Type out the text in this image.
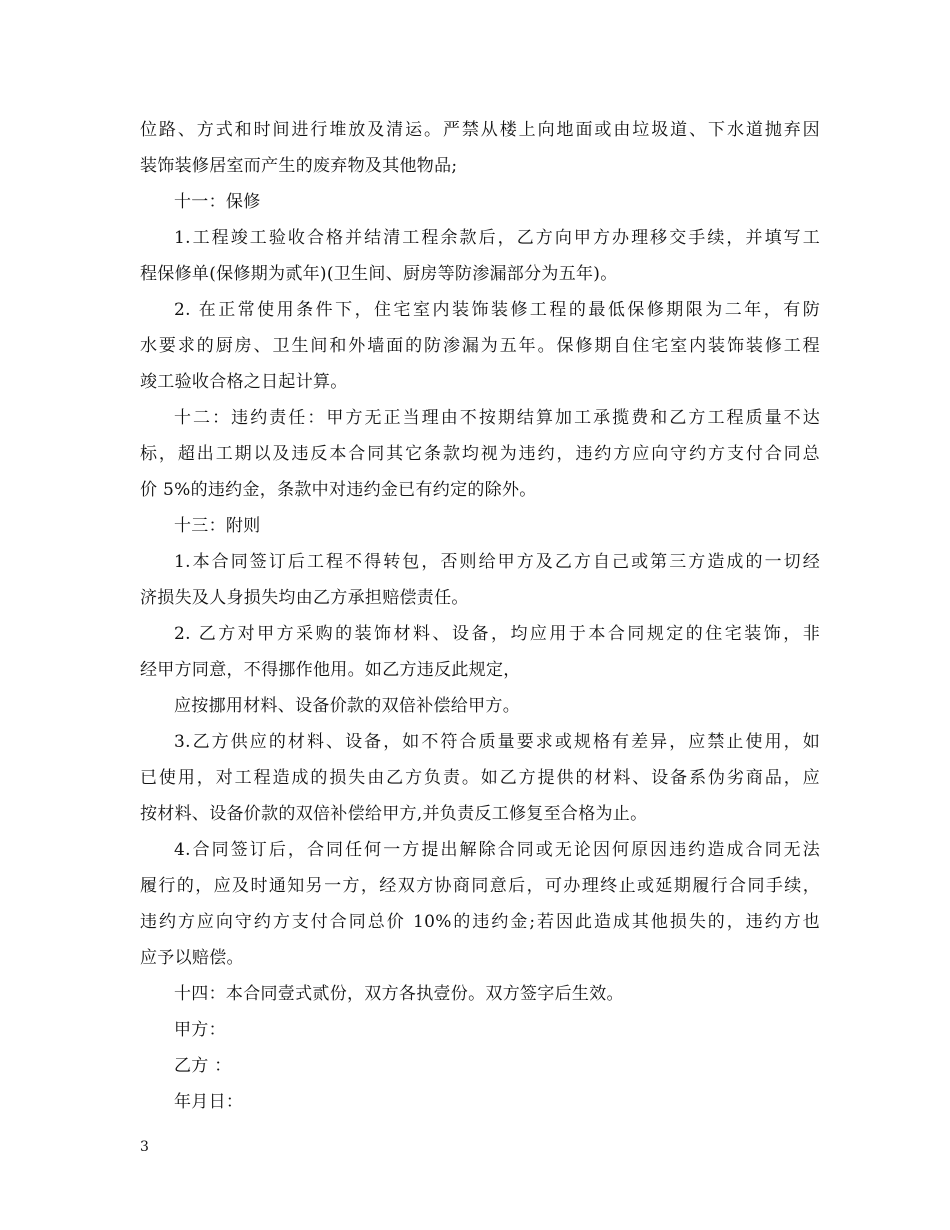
位路、方式和时间进行堆放及清运。严禁从楼上向地面或由垃圾道、下水道抛弃因
装饰装修居室而产生的废弃物及其他物品;
十一：保修
1.工程竣工验收合格并结清工程余款后，乙方向甲方办理移交手续，并填写工
程保修单(保修期为贰年)(卫生间、厨房等防渗漏部分为五年)。
2. 在正常使用条件下，住宅室内装饰装修工程的最低保修期限为二年，有防
水要求的厨房、卫生间和外墙面的防渗漏为五年。保修期自住宅室内装饰装修工程
竣工验收合格之日起计算。
十二：违约责任：甲方无正当理由不按期结算加工承揽费和乙方工程质量不达
标，超出工期以及违反本合同其它条款均视为违约，违约方应向守约方支付合同总
价 5%的违约金，条款中对违约金已有约定的除外。
十三：附则
1.本合同签订后工程不得转包，否则给甲方及乙方自己或第三方造成的一切经
济损失及人身损失均由乙方承担赔偿责任。
2. 乙方对甲方采购的装饰材料、设备，均应用于本合同规定的住宅装饰，非
经甲方同意，不得挪作他用。如乙方违反此规定，
应按挪用材料、设备价款的双倍补偿给甲方。
3.乙方供应的材料、设备，如不符合质量要求或规格有差异，应禁止使用，如
已使用，对工程造成的损失由乙方负责。如乙方提供的材料、设备系伪劣商品，应
按材料、设备价款的双倍补偿给甲方,并负责反工修复至合格为止。
4.合同签订后，合同任何一方提出解除合同或无论因何原因违约造成合同无法
履行的，应及时通知另一方，经双方协商同意后，可办理终止或延期履行合同手续，
违约方应向守约方支付合同总价 10%的违约金;若因此造成其他损失的，违约方也
应予以赔偿。
十四：本合同壹式贰份，双方各执壹份。双方签字后生效。
甲方：
乙方 ：
年月日：
3
